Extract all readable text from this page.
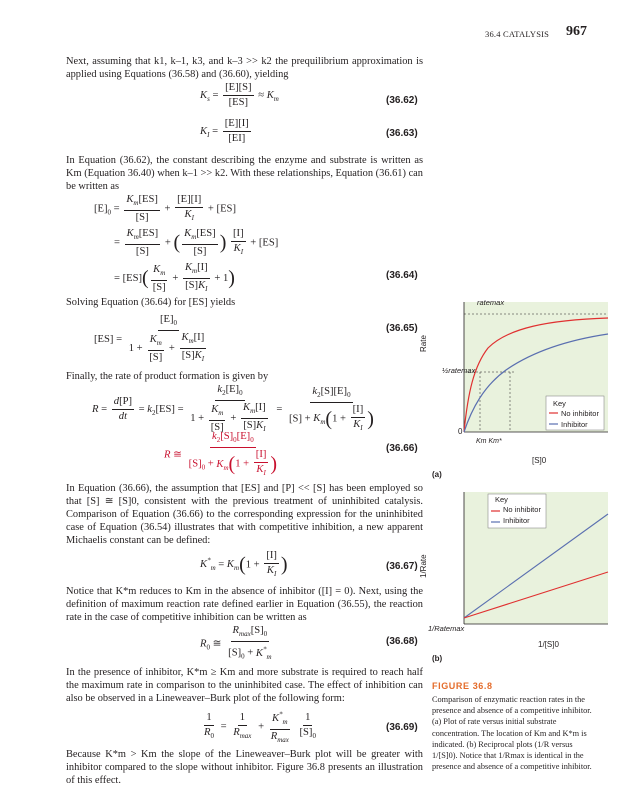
36.4 CATALYSIS 967
Next, assuming that k1, k–1, k3, and k–3 >> k2 the prequilibrium approximation is applied using Equations (36.58) and (36.60), yielding
$K_s = \frac{[E][S]}{[ES]} \approx K_m$	(36.62)
$K_I = \frac{[E][I]}{[EI]}$	(36.63)
In Equation (36.62), the constant describing the enzyme and substrate is written as Km (Equation 36.40) when k–1 >> k2. With these relationships, Equation (36.61) can be written as
$[E]_0 = \frac{K_m[ES]}{[S]} + \frac{[E][I]}{K_I} + [ES]$
= $\frac{K_m[ES]}{[S]}$ + ( $\frac{K_m[ES]}{[S]}$ ) $\frac{[I]}{K_I} + [ES]$
= $[ES]( \frac{K_m}{[S]} + \frac{K_m[I]}{[S]K_I} + 1)$	(36.64)
Solving Equation (36.64) for [ES] yields
$[ES] = \frac{[E]_0}{1 + \frac{K_m}{[S]} + \frac{K_m[I]}{[S]K_I}}$	(36.65)
Finally, the rate of product formation is given by
$R = \frac{d[P]}{dt} = k_2[ES] = \frac{k_2[E]_0}{1 + \frac{K_m}{[S]} + \frac{K_m[I]}{[S]K_I}} = \frac{k_2[S][E]_0}{[S] + K_m(1 + \frac{[I]}{K_I} )}$
R ≅ $\frac{k_2[S]_0[E]_0}{[S]_0 + K_m(1 + \frac{[I]}{K_I} )}$	(36.66)
In Equation (36.66), the assumption that [ES] and [P] << [S] has been employed so that [S] ≅ [S]0, consistent with the previous treatment of uninhibited catalysis. Comparison of Equation (36.66) to the corresponding expression for the uninhibited case of Equation (36.54) illustrates that with competitive inhibition, a new apparent Michaelis constant can be defined:
$K^*_m = K_m(1 + \frac{[I]}{K_I}$ )	(36.67)
Notice that K*m reduces to Km in the absence of inhibitor ([I] = 0). Next, using the definition of maximum reaction rate defined earlier in Equation (36.55), the reaction rate in the case of competitive inhibition can be written as
$R_0$ ≅ $\frac{R_{max}[S]_0}{[S]_0 + K^*_m}$	(36.68)
In the presence of inhibitor, K*m ≥ Km and more substrate is required to reach half the maximum rate in comparison to the uninhibited case. The effect of inhibition can also be observed in a Lineweaver–Burk plot of the following form:
$\frac{1}{R_0} = \frac{1}{R_{max}} + \frac{K^*_m}{R_{max}}$
$\frac{1}{[S]_0}$	(36.69)
Because K*m > Km the slope of the Lineweaver–Burk plot will be greater with inhibitor compared to the slope without inhibitor. Figure 36.8 presents an illustration of this effect.
ratemax
½ratemax
Rate
0
Km Km*
[S]0
(a)
Key
No inhibitor
Inhibitor
Key
No inhibitor
Inhibitor
1/Rate
1/Ratemax
1/[S]0
(b)
FIGURE 36.8
Comparison of enzymatic reaction rates in the presence and absence of a competitive inhibitor. (a) Plot of rate versus initial substrate concentration. The location of Km and K*m is indicated. (b) Reciprocal plots (1/R versus 1/[S]0). Notice that 1/Rmax is identical in the presence and absence of a competitive inhibitor.
